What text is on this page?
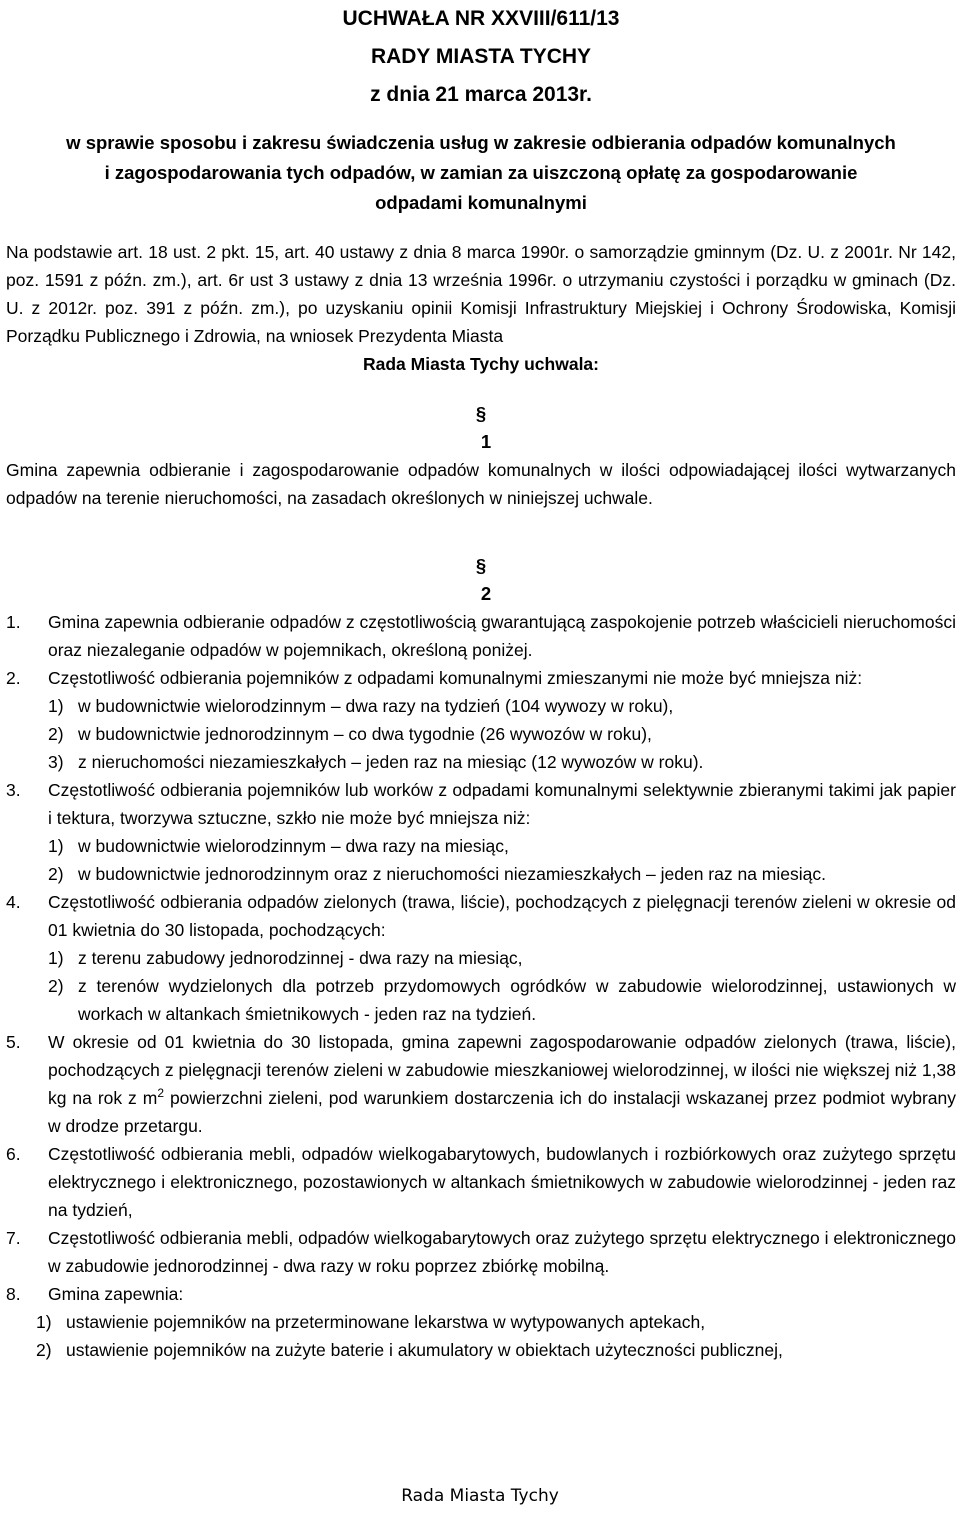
UCHWAŁA NR XXVIII/611/13
RADY MIASTA TYCHY
z dnia 21 marca 2013r.
w sprawie sposobu i zakresu świadczenia usług w zakresie odbierania odpadów komunalnych
i zagospodarowania tych odpadów, w zamian za uiszczoną opłatę za gospodarowanie
odpadami komunalnymi
Na podstawie art. 18 ust. 2 pkt. 15, art. 40 ustawy z dnia 8 marca 1990r. o samorządzie gminnym (Dz. U. z 2001r. Nr 142, poz. 1591 z późn. zm.), art. 6r ust 3 ustawy z dnia 13 września 1996r. o utrzymaniu czystości i porządku w gminach (Dz. U. z 2012r. poz. 391 z późn. zm.), po uzyskaniu opinii Komisji Infrastruktury Miejskiej i Ochrony Środowiska, Komisji Porządku Publicznego i Zdrowia, na wniosek Prezydenta Miasta
Rada Miasta Tychy uchwala:
§
1
Gmina zapewnia odbieranie i zagospodarowanie odpadów komunalnych w ilości odpowiadającej ilości wytwarzanych odpadów na terenie nieruchomości, na zasadach określonych w niniejszej uchwale.
§
2
1. Gmina zapewnia odbieranie odpadów z częstotliwością gwarantującą zaspokojenie potrzeb właścicieli nieruchomości oraz niezaleganie odpadów w pojemnikach, określoną poniżej.
2. Częstotliwość odbierania pojemników z odpadami komunalnymi zmieszanymi nie może być mniejsza niż:
1) w budownictwie wielorodzinnym – dwa razy na tydzień (104 wywozy w roku),
2) w budownictwie jednorodzinnym – co dwa tygodnie (26 wywozów w roku),
3) z nieruchomości niezamieszkałych – jeden raz na miesiąc (12 wywozów w roku).
3. Częstotliwość odbierania pojemników lub worków z odpadami komunalnymi selektywnie zbieranymi takimi jak papier i tektura, tworzywa sztuczne, szkło nie może być mniejsza niż:
1) w budownictwie wielorodzinnym – dwa razy na miesiąc,
2) w budownictwie jednorodzinnym oraz z nieruchomości niezamieszkałych – jeden raz na miesiąc.
4. Częstotliwość odbierania odpadów zielonych (trawa, liście), pochodzących z pielęgnacji terenów zieleni w okresie od 01 kwietnia do 30 listopada, pochodzących:
1) z terenu zabudowy jednorodzinnej - dwa razy na miesiąc,
2) z terenów wydzielonych dla potrzeb przydomowych ogródków w zabudowie wielorodzinnej, ustawionych w workach w altankach śmietnikowych - jeden raz na tydzień.
5. W okresie od 01 kwietnia do 30 listopada, gmina zapewni zagospodarowanie odpadów zielonych (trawa, liście), pochodzących z pielęgnacji terenów zieleni w zabudowie mieszkaniowej wielorodzinnej, w ilości nie większej niż 1,38 kg na rok z $m^2$ powierzchni zieleni, pod warunkiem dostarczenia ich do instalacji wskazanej przez podmiot wybrany w drodze przetargu.
6. Częstotliwość odbierania mebli, odpadów wielkogabarytowych, budowlanych i rozbiórkowych oraz zużytego sprzętu elektrycznego i elektronicznego, pozostawionych w altankach śmietnikowych w zabudowie wielorodzinnej - jeden raz na tydzień,
7. Częstotliwość odbierania mebli, odpadów wielkogabarytowych oraz zużytego sprzętu elektrycznego i elektronicznego w zabudowie jednorodzinnej - dwa razy w roku poprzez zbiórkę mobilną.
8. Gmina zapewnia:
1) ustawienie pojemników na przeterminowane lekarstwa w wytypowanych aptekach,
2) ustawienie pojemników na zużyte baterie i akumulatory w obiektach użyteczności publicznej,
Rada Miasta Tychy
